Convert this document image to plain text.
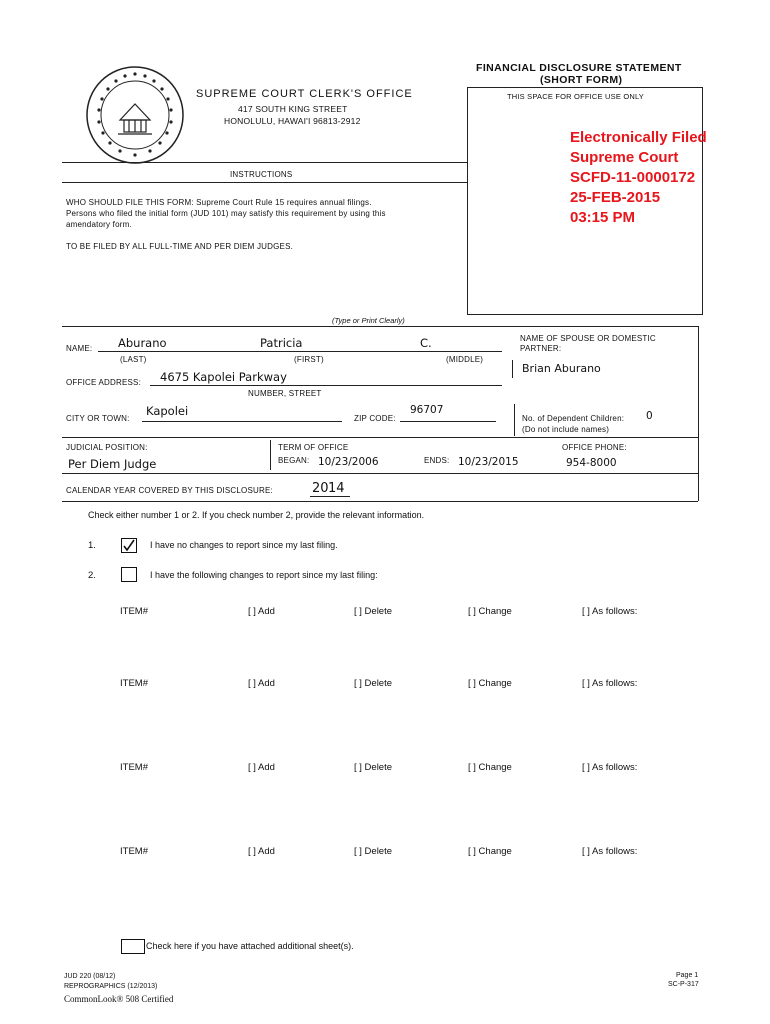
SUPREME COURT CLERK'S OFFICE
417 SOUTH KING STREET
HONOLULU, HAWAI'I 96813-2912
FINANCIAL DISCLOSURE STATEMENT
(SHORT FORM)
THIS SPACE FOR OFFICE USE ONLY
Electronically Filed
Supreme Court
SCFD-11-0000172
25-FEB-2015
03:15 PM
INSTRUCTIONS
WHO SHOULD FILE THIS FORM: Supreme Court Rule 15 requires annual filings.
Persons who filed the initial form (JUD 101) may satisfy this requirement by using this
amendatory form.
TO BE FILED BY ALL FULL-TIME AND PER DIEM JUDGES.
(Type or Print Clearly)
NAME: Aburano	Patricia	C.
(LAST)	(FIRST)	(MIDDLE)
NAME OF SPOUSE OR DOMESTIC
PARTNER:
Brian Aburano
OFFICE ADDRESS: 4675 Kapolei Parkway
NUMBER, STREET
CITY OR TOWN:
Kapolei
ZIP CODE:
96707
No. of Dependent Children: 0
(Do not include names)
JUDICIAL POSITION:
Per Diem Judge
TERM OF OFFICE
BEGAN: 10/23/2006	ENDS: 10/23/2015
OFFICE PHONE:
954-8000
CALENDAR YEAR COVERED BY THIS DISCLOSURE:	20 14
Check either number 1 or 2. If you check number 2, provide the relevant information.
1.	I have no changes to report since my last filing.
2.	I have the following changes to report since my last filing:
ITEM#	[ ] Add	[ ] Delete	[ ] Change	[ ] As follows:
ITEM#	[ ] Add	[ ] Delete	[ ] Change	[ ] As follows:
ITEM#	[ ] Add	[ ] Delete	[ ] Change	[ ] As follows:
ITEM#	[ ] Add	[ ] Delete	[ ] Change	[ ] As follows:
Check here if you have attached additional sheet(s).
JUD 220 (08/12)
REPROGRAPHICS (12/2013)
CommonLook® 508 Certified
Page 1
SC-P-317
